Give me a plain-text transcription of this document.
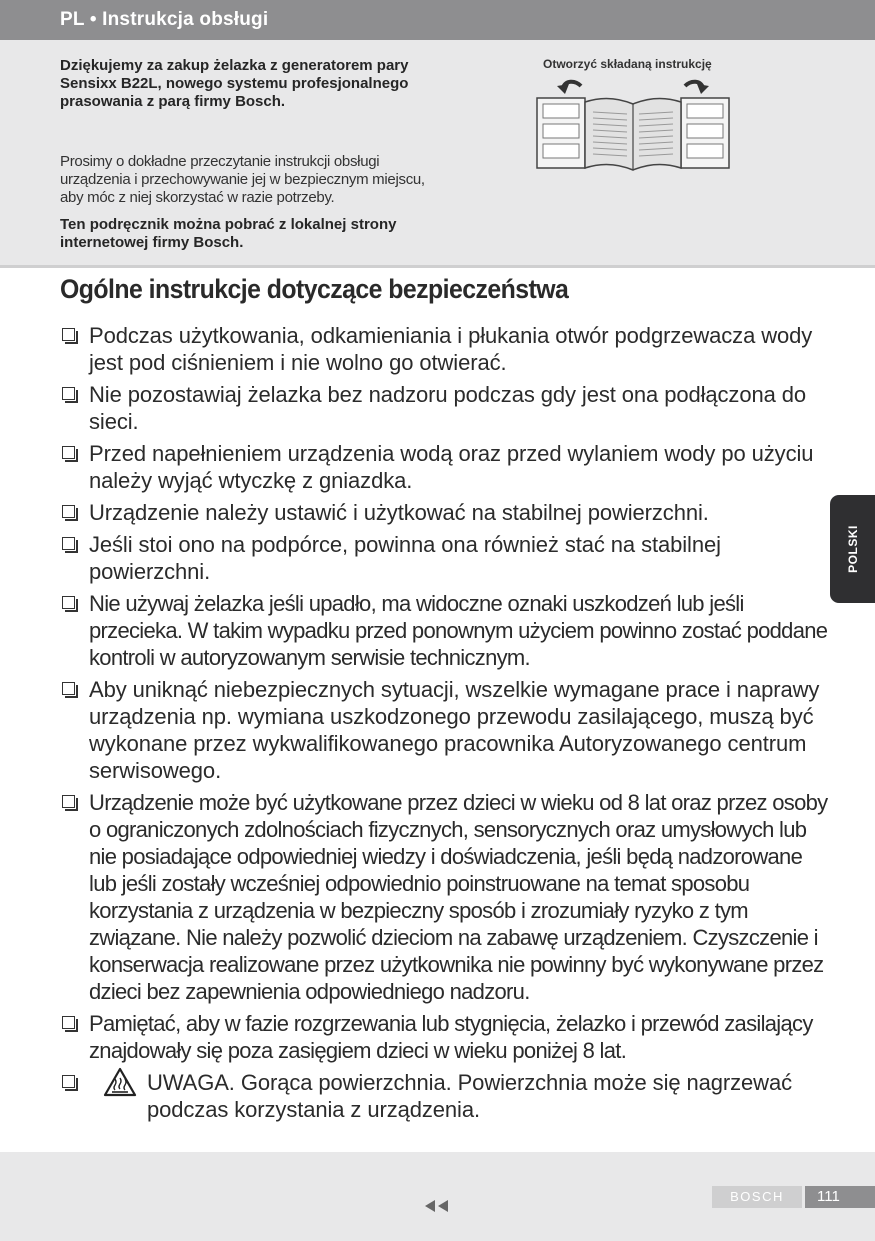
PL • Instrukcja obsługi
Dziękujemy za zakup żelazka z generatorem pary Sensixx B22L, nowego systemu profesjonalnego prasowania z parą firmy Bosch.
Prosimy o dokładne przeczytanie instrukcji obsługi urządzenia i przechowywanie jej w bezpiecznym miejscu, aby móc z niej skorzystać w razie potrzeby.
Ten podręcznik można pobrać z lokalnej strony internetowej firmy Bosch.
Otworzyć składaną instrukcję
Ogólne instrukcje dotyczące bezpieczeństwa
Podczas użytkowania, odkamieniania i płukania otwór podgrzewacza wody jest pod ciśnieniem i nie wolno go otwierać.
Nie pozostawiaj żelazka bez nadzoru podczas gdy jest ona podłączona do sieci.
Przed napełnieniem urządzenia wodą oraz przed wylaniem wody po użyciu należy wyjąć wtyczkę z gniazdka.
Urządzenie należy ustawić i użytkować na stabilnej powierzchni.
Jeśli stoi ono na podpórce, powinna ona również stać na stabilnej powierzchni.
Nie używaj żelazka jeśli upadło, ma widoczne oznaki uszkodzeń lub jeśli przecieka. W takim wypadku przed ponownym użyciem powinno zostać poddane kontroli w autoryzowanym serwisie technicznym.
Aby uniknąć niebezpiecznych sytuacji, wszelkie wymagane prace i naprawy urządzenia np. wymiana uszkodzonego przewodu zasilającego, muszą być wykonane przez wykwalifikowanego pracownika Autoryzowanego centrum serwisowego.
Urządzenie może być użytkowane przez dzieci w wieku od 8 lat oraz przez osoby o ograniczonych zdolnościach fizycznych, sensorycznych oraz umysłowych lub nie posiadające odpowiedniej wiedzy i doświadczenia, jeśli będą nadzorowane lub jeśli zostały wcześniej odpowiednio poinstruowane na temat sposobu korzystania z urządzenia w bezpieczny sposób i zrozumiały ryzyko z tym związane. Nie należy pozwolić dzieciom na zabawę urządzeniem. Czyszczenie i konserwacja realizowane przez użytkownika nie powinny być wykonywane przez dzieci bez zapewnienia odpowiedniego nadzoru.
Pamiętać, aby w fazie rozgrzewania lub stygnięcia, żelazko i przewód zasilający znajdowały się poza zasięgiem dzieci w wieku poniżej 8 lat.
UWAGA. Gorąca powierzchnia. Powierzchnia może się nagrzewać podczas korzystania z urządzenia.
POLSKI
BOSCH	111
